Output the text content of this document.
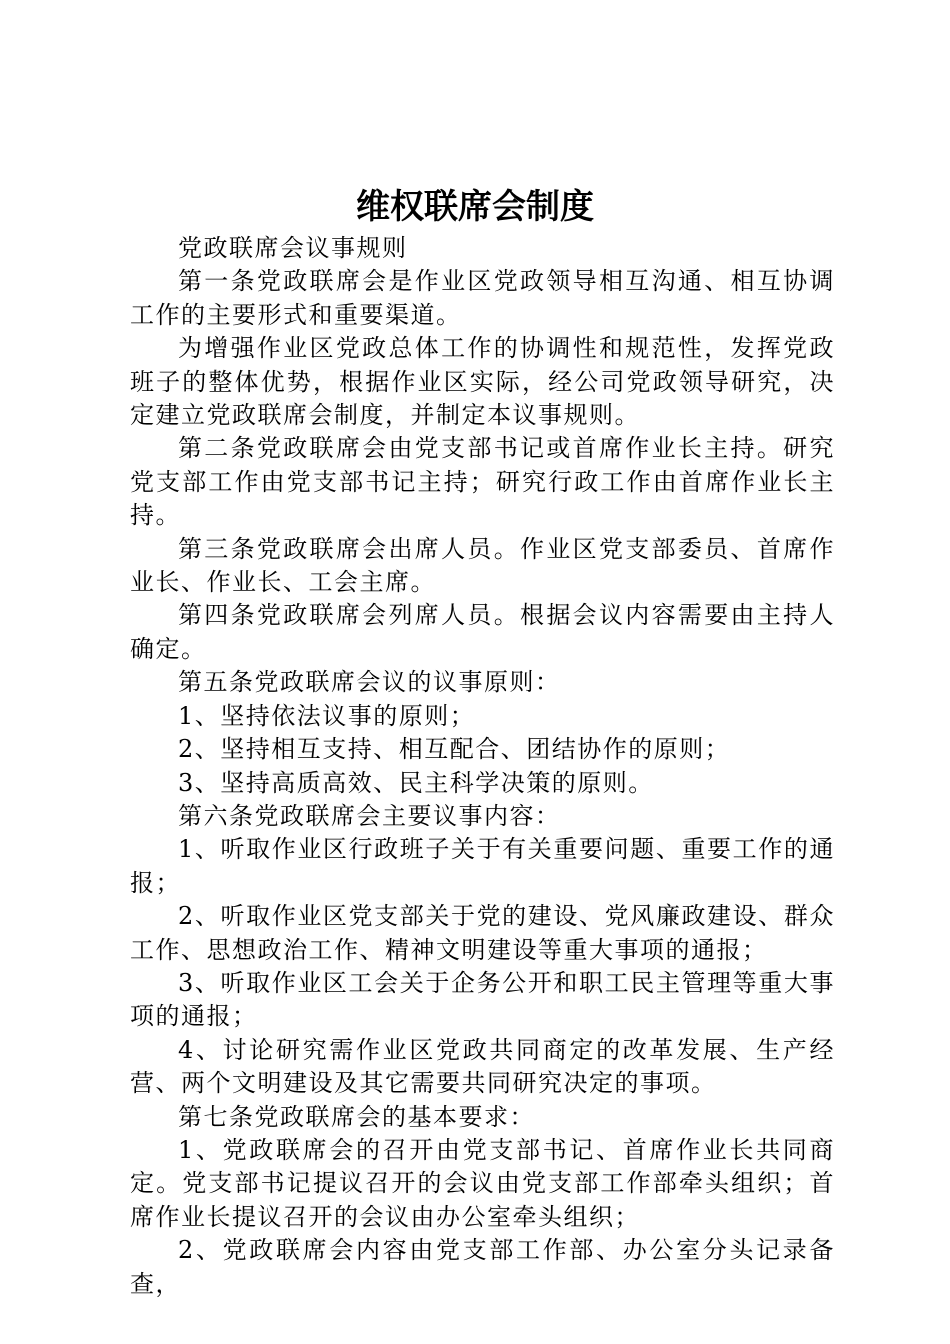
维权联席会制度

党政联席会议事规则

第一条党政联席会是作业区党政领导相互沟通、相互协调工作的主要形式和重要渠道。

为增强作业区党政总体工作的协调性和规范性，发挥党政班子的整体优势，根据作业区实际，经公司党政领导研究，决定建立党政联席会制度，并制定本议事规则。

第二条党政联席会由党支部书记或首席作业长主持。研究党支部工作由党支部书记主持；研究行政工作由首席作业长主持。

第三条党政联席会出席人员。作业区党支部委员、首席作业长、作业长、工会主席。

第四条党政联席会列席人员。根据会议内容需要由主持人确定。

第五条党政联席会议的议事原则：

1、坚持依法议事的原则；

2、坚持相互支持、相互配合、团结协作的原则；

3、坚持高质高效、民主科学决策的原则。

第六条党政联席会主要议事内容：

1、听取作业区行政班子关于有关重要问题、重要工作的通报；

2、听取作业区党支部关于党的建设、党风廉政建设、群众工作、思想政治工作、精神文明建设等重大事项的通报；

3、听取作业区工会关于企务公开和职工民主管理等重大事项的通报；

4、讨论研究需作业区党政共同商定的改革发展、生产经营、两个文明建设及其它需要共同研究决定的事项。

第七条党政联席会的基本要求：

1、党政联席会的召开由党支部书记、首席作业长共同商定。党支部书记提议召开的会议由党支部工作部牵头组织；首席作业长提议召开的会议由办公室牵头组织；

2、党政联席会内容由党支部工作部、办公室分头记录备查，
